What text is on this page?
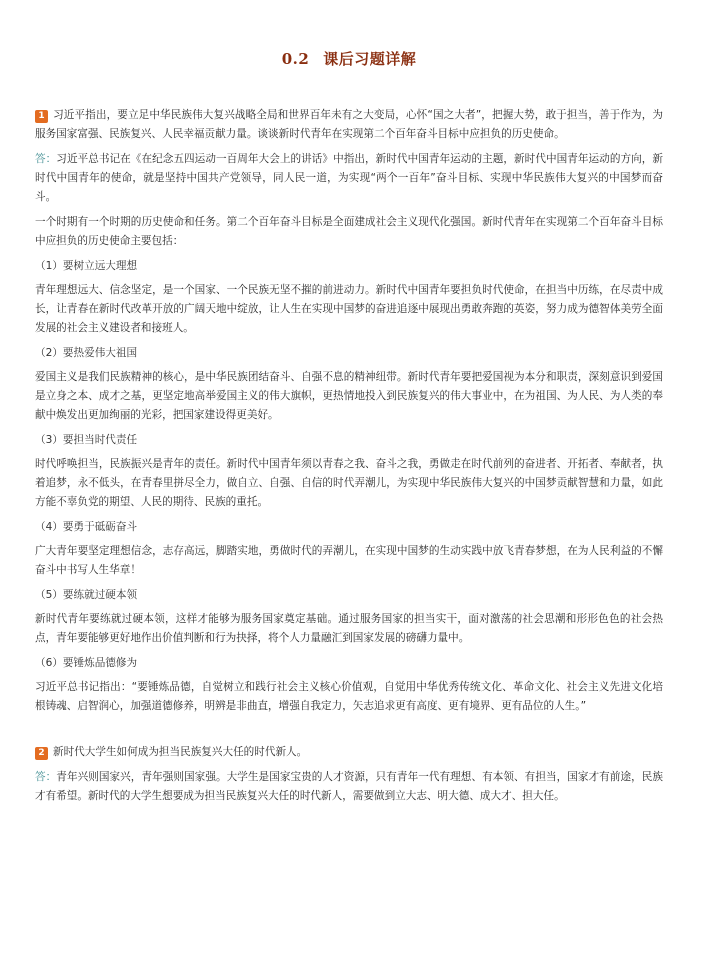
0.2 课后习题详解

1 习近平指出，要立足中华民族伟大复兴战略全局和世界百年未有之大变局，心怀“国之大者”，把握大势，敢于担当，善于作为，为服务国家富强、民族复兴、人民幸福贡献力量。谈谈新时代青年在实现第二个百年奋斗目标中应担负的历史使命。

答：习近平总书记在《在纪念五四运动一百周年大会上的讲话》中指出，新时代中国青年运动的主题，新时代中国青年运动的方向，新时代中国青年的使命，就是坚持中国共产党领导，同人民一道，为实现“两个一百年”奋斗目标、实现中华民族伟大复兴的中国梦而奋斗。

一个时期有一个时期的历史使命和任务。第二个百年奋斗目标是全面建成社会主义现代化强国。新时代青年在实现第二个百年奋斗目标中应担负的历史使命主要包括：

（1）要树立远大理想

青年理想远大、信念坚定，是一个国家、一个民族无坚不摧的前进动力。新时代中国青年要担负时代使命，在担当中历练，在尽责中成长，让青春在新时代改革开放的广阔天地中绽放，让人生在实现中国梦的奋进追逐中展现出勇敢奔跑的英姿，努力成为德智体美劳全面发展的社会主义建设者和接班人。

（2）要热爱伟大祖国

爱国主义是我们民族精神的核心，是中华民族团结奋斗、自强不息的精神纽带。新时代青年要把爱国视为本分和职责，深刻意识到爱国是立身之本、成才之基，更坚定地高举爱国主义的伟大旗帜，更热情地投入到民族复兴的伟大事业中，在为祖国、为人民、为人类的奉献中焕发出更加绚丽的光彩，把国家建设得更美好。

（3）要担当时代责任

时代呼唤担当，民族振兴是青年的责任。新时代中国青年须以青春之我、奋斗之我，勇做走在时代前列的奋进者、开拓者、奉献者，执着追梦，永不低头，在青春里拼尽全力，做自立、自强、自信的时代弄潮儿，为实现中华民族伟大复兴的中国梦贡献智慧和力量，如此方能不辜负党的期望、人民的期待、民族的重托。

（4）要勇于砥砺奋斗

广大青年要坚定理想信念，志存高远，脚踏实地，勇做时代的弄潮儿，在实现中国梦的生动实践中放飞青春梦想，在为人民利益的不懈奋斗中书写人生华章！

（5）要练就过硬本领

新时代青年要练就过硬本领，这样才能够为服务国家奠定基础。通过服务国家的担当实干，面对激荡的社会思潮和形形色色的社会热点，青年要能够更好地作出价值判断和行为抉择，将个人力量融汇到国家发展的磅礴力量中。

（6）要锤炼品德修为

习近平总书记指出：“要锤炼品德，自觉树立和践行社会主义核心价值观，自觉用中华优秀传统文化、革命文化、社会主义先进文化培根铸魂、启智润心，加强道德修养，明辨是非曲直，增强自我定力，矢志追求更有高度、更有境界、更有品位的人生。”

2 新时代大学生如何成为担当民族复兴大任的时代新人。

答：青年兴则国家兴，青年强则国家强。大学生是国家宝贵的人才资源，只有青年一代有理想、有本领、有担当，国家才有前途，民族才有希望。新时代的大学生想要成为担当民族复兴大任的时代新人，需要做到立大志、明大德、成大才、担大任。
